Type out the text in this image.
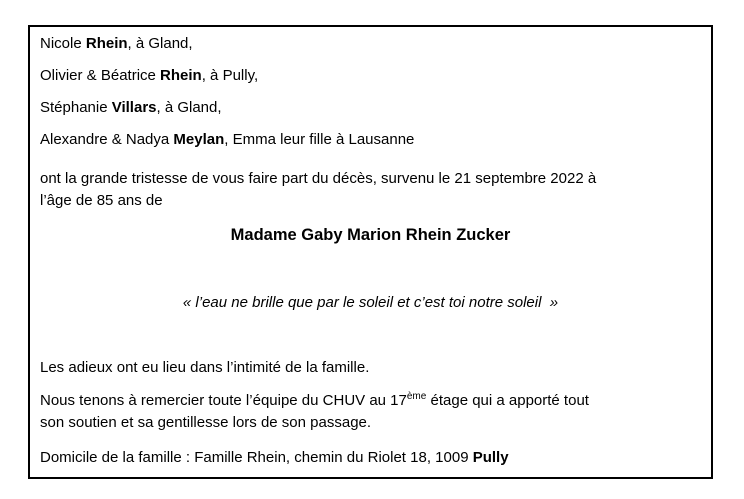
Nicole Rhein, à Gland,

Olivier & Béatrice Rhein, à Pully,

Stéphanie Villars, à Gland,

Alexandre & Nadya Meylan, Emma leur fille à Lausanne

ont la grande tristesse de vous faire part du décès, survenu le 21 septembre 2022 à
l’âge de 85 ans de

Madame Gaby Marion Rhein Zucker

« l’eau ne brille que par le soleil et c’est toi notre soleil  »

Les adieux ont eu lieu dans l’intimité de la famille.

Nous tenons à remercier toute l’équipe du CHUV au 17ème étage qui a apporté tout
son soutien et sa gentillesse lors de son passage.

Domicile de la famille : Famille Rhein, chemin du Riolet 18, 1009 Pully
